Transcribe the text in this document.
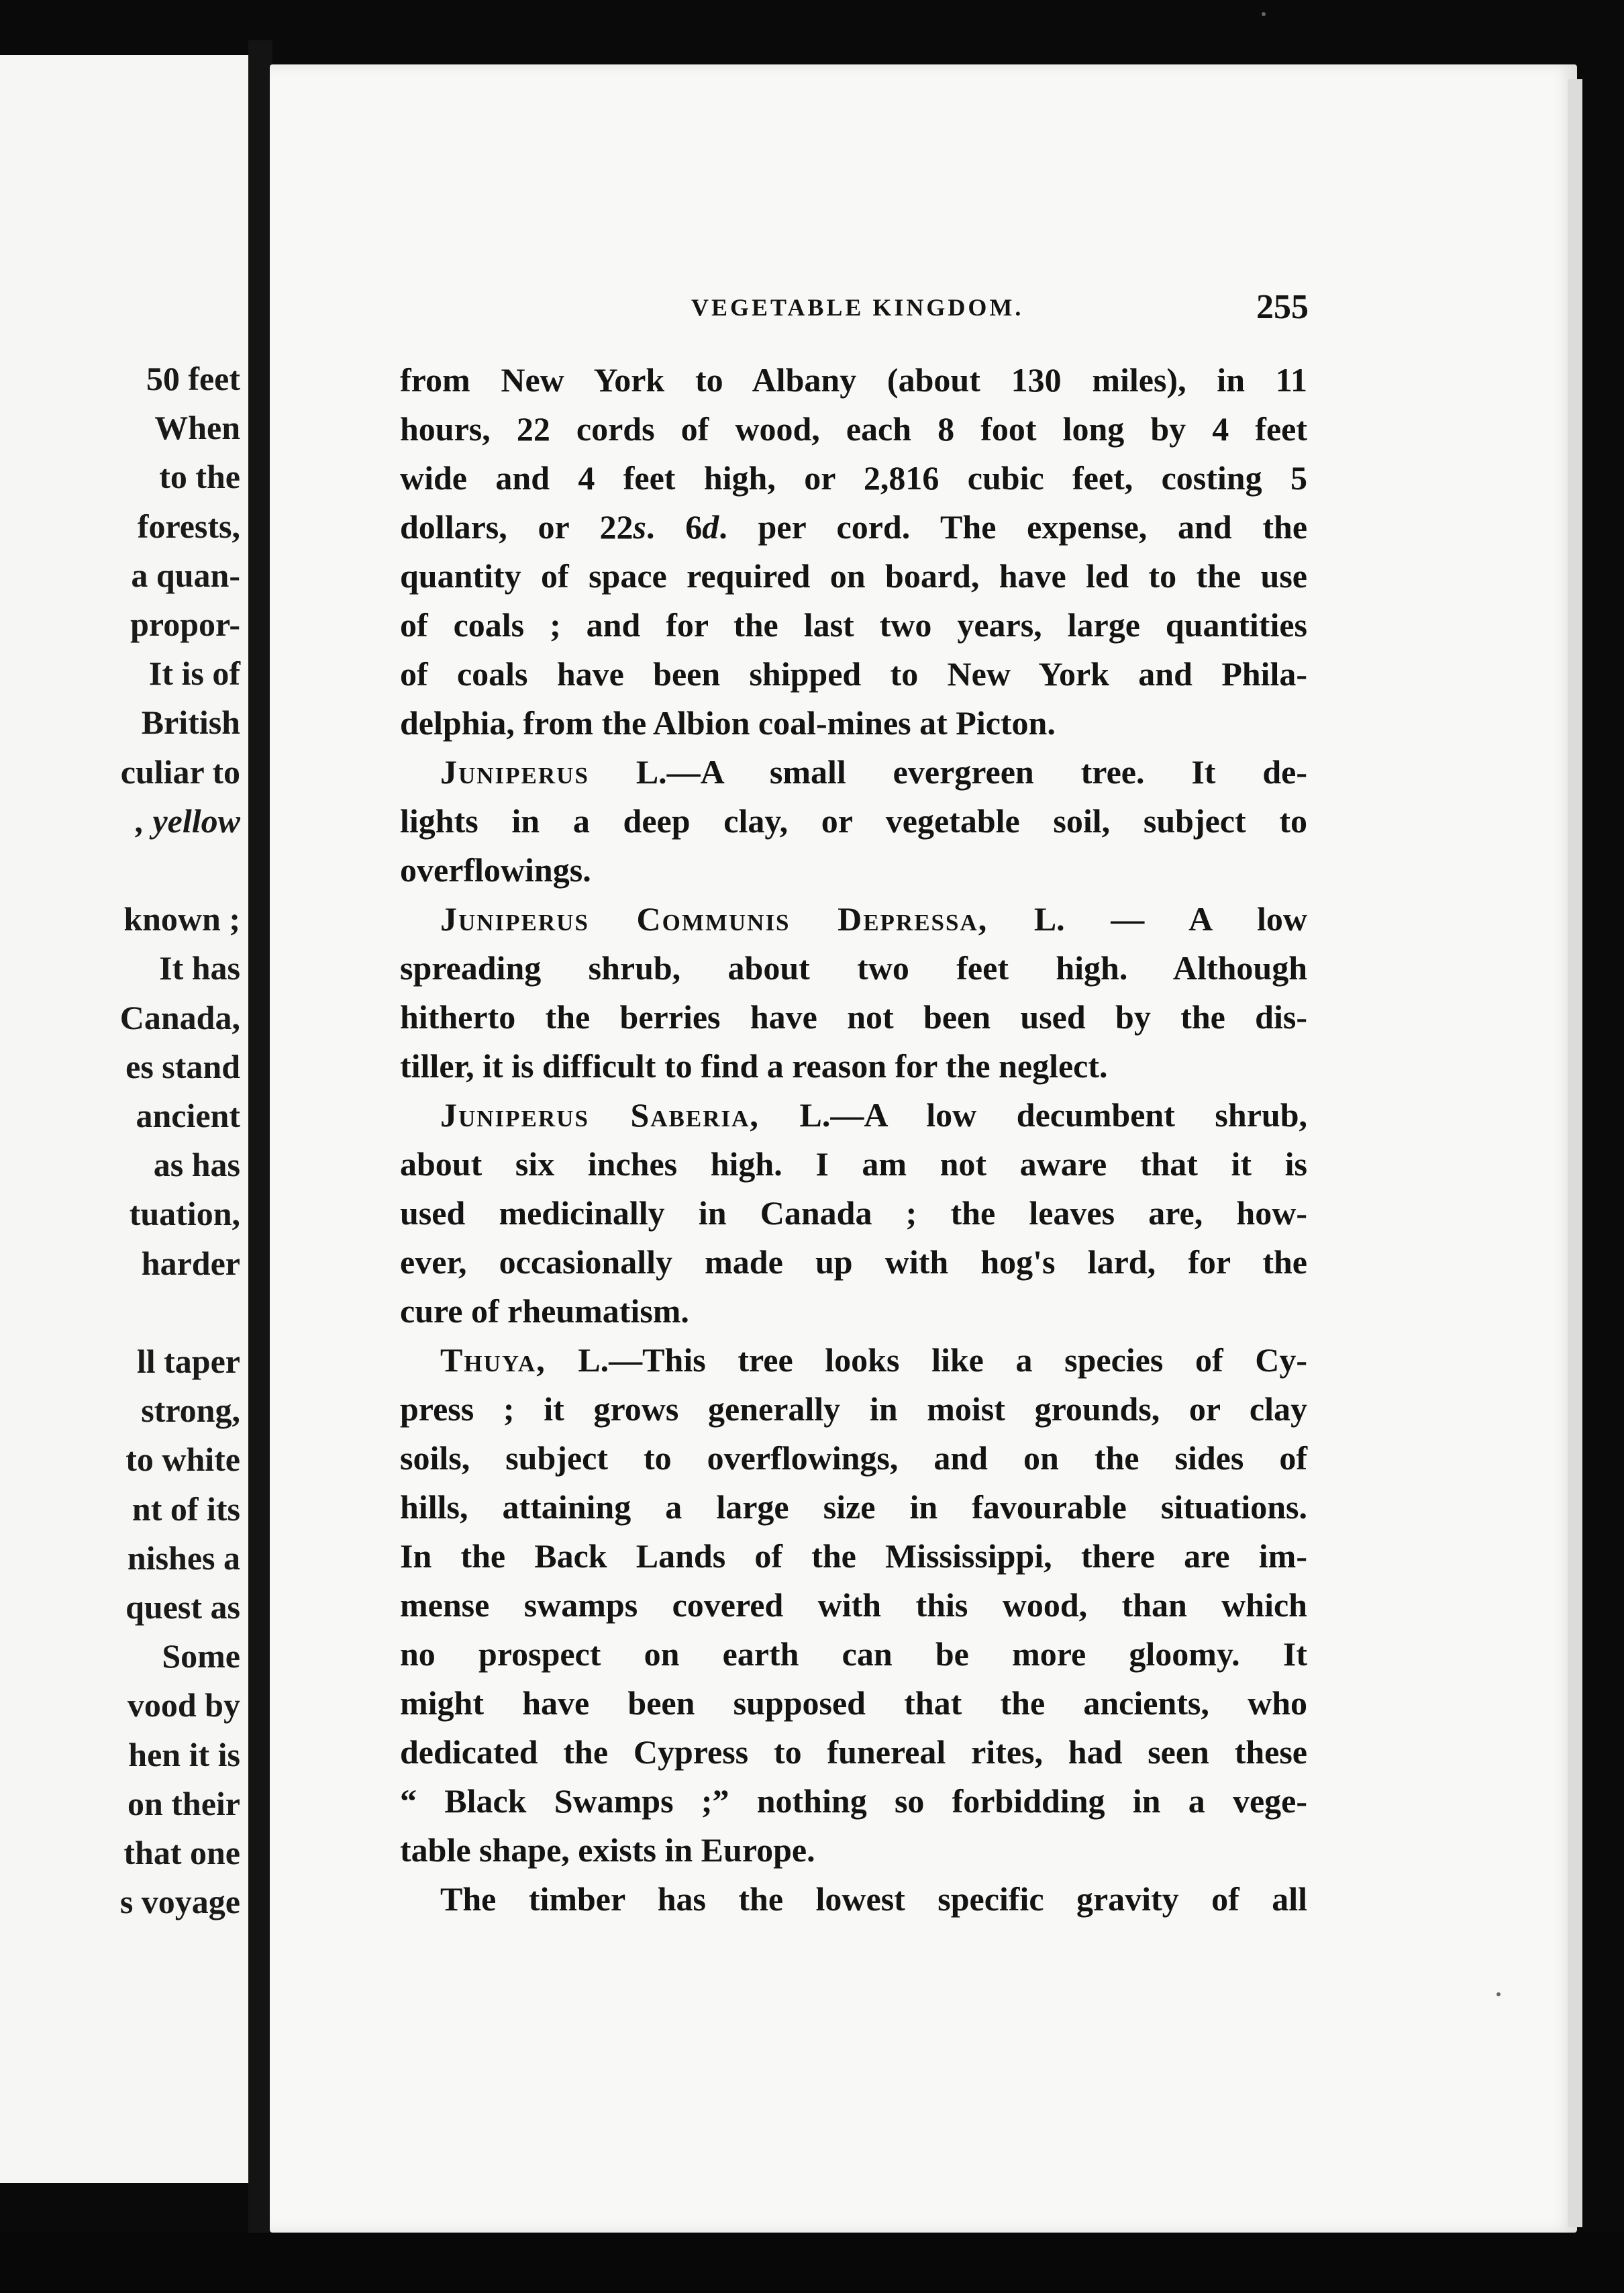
50 feet
When
to the
forests,
a quan-
propor-
It is of
British
culiar to
, yellow
known ;
It has
Canada,
es stand
ancient
as has
tuation,
harder
ll taper
strong,
to white
nt of its
nishes a
quest as
Some
vood by
hen it is
on their
that one
s voyage
VEGETABLE KINGDOM.	255
from New York to Albany (about 130 miles), in 11
hours, 22 cords of wood, each 8 foot long by 4 feet
wide and 4 feet high, or 2,816 cubic feet, costing 5
dollars, or 22s. 6d. per cord. The expense, and the
quantity of space required on board, have led to the use
of coals ; and for the last two years, large quantities
of coals have been shipped to New York and Phila-
delphia, from the Albion coal-mines at Picton.
Juniperus L.—A small evergreen tree. It de-
lights in a deep clay, or vegetable soil, subject to
overflowings.
Juniperus Communis Depressa, L. — A low
spreading shrub, about two feet high. Although
hitherto the berries have not been used by the dis-
tiller, it is difficult to find a reason for the neglect.
Juniperus Saberia, L.—A low decumbent shrub,
about six inches high. I am not aware that it is
used medicinally in Canada ; the leaves are, how-
ever, occasionally made up with hog's lard, for the
cure of rheumatism.
Thuya, L.—This tree looks like a species of Cy-
press ; it grows generally in moist grounds, or clay
soils, subject to overflowings, and on the sides of
hills, attaining a large size in favourable situations.
In the Back Lands of the Mississippi, there are im-
mense swamps covered with this wood, than which
no prospect on earth can be more gloomy. It
might have been supposed that the ancients, who
dedicated the Cypress to funereal rites, had seen these
“ Black Swamps ;” nothing so forbidding in a vege-
table shape, exists in Europe.
The timber has the lowest specific gravity of all
